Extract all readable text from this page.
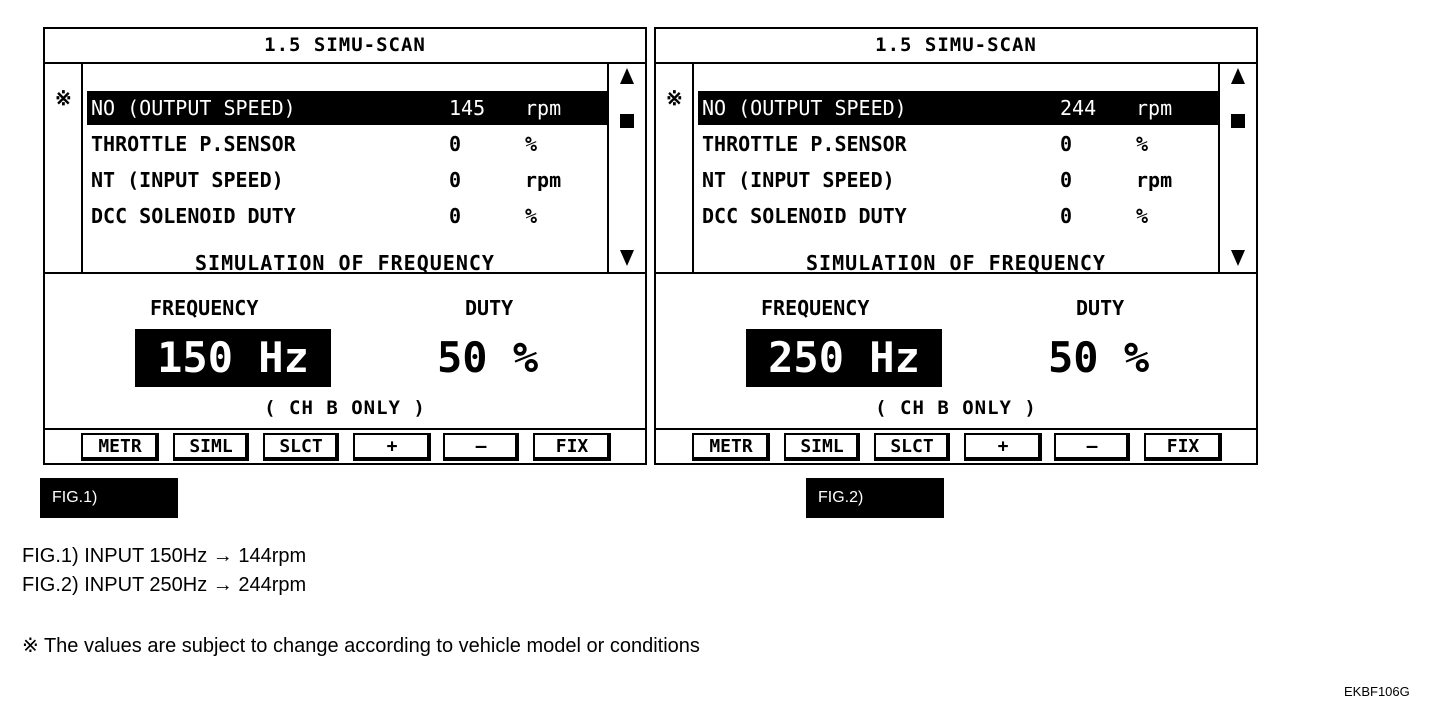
1.5 SIMU-SCAN
※ NO (OUTPUT SPEED)	145 rpm
THROTTLE P.SENSOR	0	%
NT (INPUT SPEED)	0	rpm
DCC SOLENOID DUTY	0	%
SIMULATION OF FREQUENCY
FREQUENCY	DUTY
150 Hz	50 %
( CH B ONLY )
METR	SIML	SLCT	+	—	FIX
1.5 SIMU-SCAN
※ NO (OUTPUT SPEED)	244 rpm
THROTTLE P.SENSOR	0	%
NT (INPUT SPEED)	0	rpm
DCC SOLENOID DUTY	0	%
SIMULATION OF FREQUENCY
FREQUENCY	DUTY
250 Hz	50 %
( CH B ONLY )
METR	SIML	SLCT	+	—	FIX
FIG.1)	FIG.2)
FIG.1) INPUT 150Hz → 144rpm
FIG.2) INPUT 250Hz → 244rpm
※ The values are subject to change according to vehicle model or conditions
EKBF106G
